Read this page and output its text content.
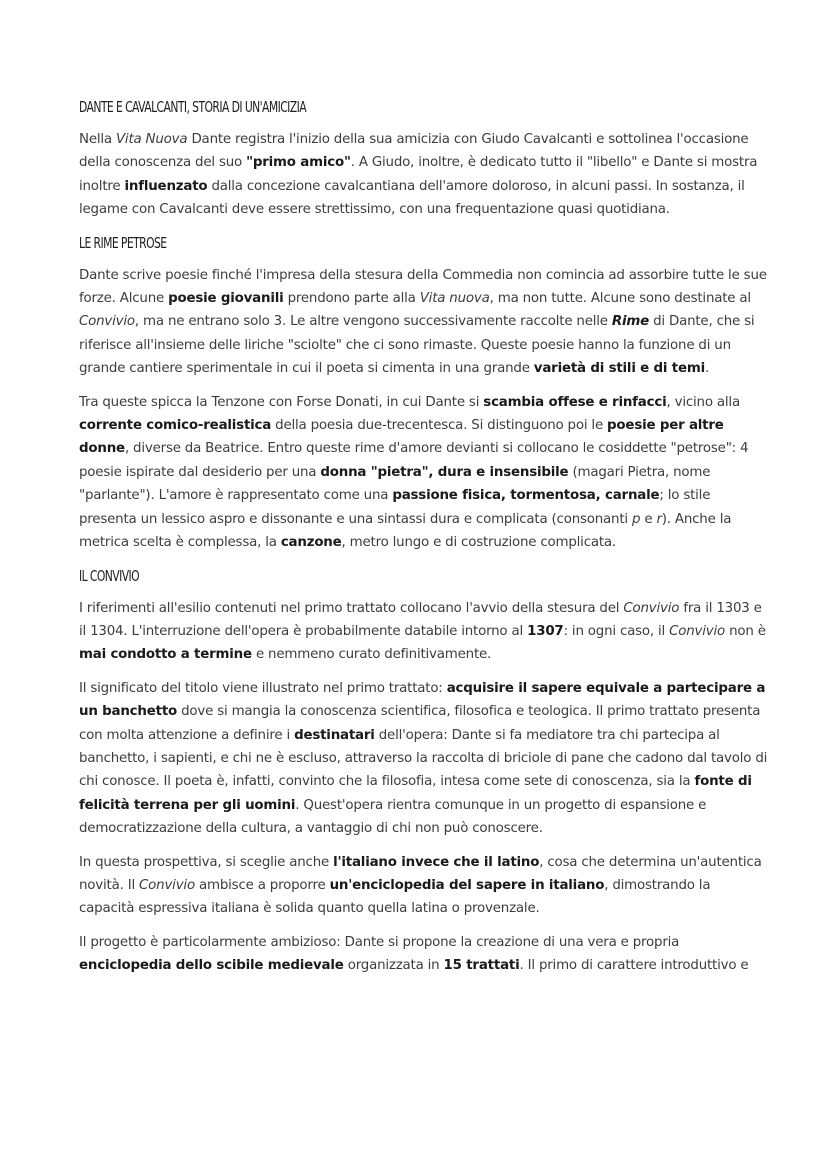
DANTE E CAVALCANTI, STORIA DI UN'AMICIZIA

Nella Vita Nuova Dante registra l'inizio della sua amicizia con Giudo Cavalcanti e sottolinea l'occasione della conoscenza del suo "primo amico". A Giudo, inoltre, è dedicato tutto il "libello" e Dante si mostra inoltre influenzato dalla concezione cavalcantiana dell'amore doloroso, in alcuni passi. In sostanza, il legame con Cavalcanti deve essere strettissimo, con una frequentazione quasi quotidiana.

LE RIME PETROSE

Dante scrive poesie finché l'impresa della stesura della Commedia non comincia ad assorbire tutte le sue forze. Alcune poesie giovanili prendono parte alla Vita nuova, ma non tutte. Alcune sono destinate al Convivio, ma ne entrano solo 3. Le altre vengono successivamente raccolte nelle Rime di Dante, che si riferisce all'insieme delle liriche "sciolte" che ci sono rimaste. Queste poesie hanno la funzione di un grande cantiere sperimentale in cui il poeta si cimenta in una grande varietà di stili e di temi.

Tra queste spicca la Tenzone con Forse Donati, in cui Dante si scambia offese e rinfacci, vicino alla corrente comico-realistica della poesia due-trecentesca. Si distinguono poi le poesie per altre donne, diverse da Beatrice. Entro queste rime d'amore devianti si collocano le cosiddette "petrose": 4 poesie ispirate dal desiderio per una donna "pietra", dura e insensibile (magari Pietra, nome "parlante"). L'amore è rappresentato come una passione fisica, tormentosa, carnale; lo stile presenta un lessico aspro e dissonante e una sintassi dura e complicata (consonanti p e r). Anche la metrica scelta è complessa, la canzone, metro lungo e di costruzione complicata.

IL CONVIVIO

I riferimenti all'esilio contenuti nel primo trattato collocano l'avvio della stesura del Convivio fra il 1303 e il 1304. L'interruzione dell'opera è probabilmente databile intorno al 1307: in ogni caso, il Convivio non è mai condotto a termine e nemmeno curato definitivamente.

Il significato del titolo viene illustrato nel primo trattato: acquisire il sapere equivale a partecipare a un banchetto dove si mangia la conoscenza scientifica, filosofica e teologica. Il primo trattato presenta con molta attenzione a definire i destinatari dell'opera: Dante si fa mediatore tra chi partecipa al banchetto, i sapienti, e chi ne è escluso, attraverso la raccolta di briciole di pane che cadono dal tavolo di chi conosce. Il poeta è, infatti, convinto che la filosofia, intesa come sete di conoscenza, sia la fonte di felicità terrena per gli uomini. Quest'opera rientra comunque in un progetto di espansione e democratizzazione della cultura, a vantaggio di chi non può conoscere.

In questa prospettiva, si sceglie anche l'italiano invece che il latino, cosa che determina un'autentica novità. Il Convivio ambisce a proporre un'enciclopedia del sapere in italiano, dimostrando la capacità espressiva italiana è solida quanto quella latina o provenzale.

Il progetto è particolarmente ambizioso: Dante si propone la creazione di una vera e propria enciclopedia dello scibile medievale organizzata in 15 trattati. Il primo di carattere introduttivo e
